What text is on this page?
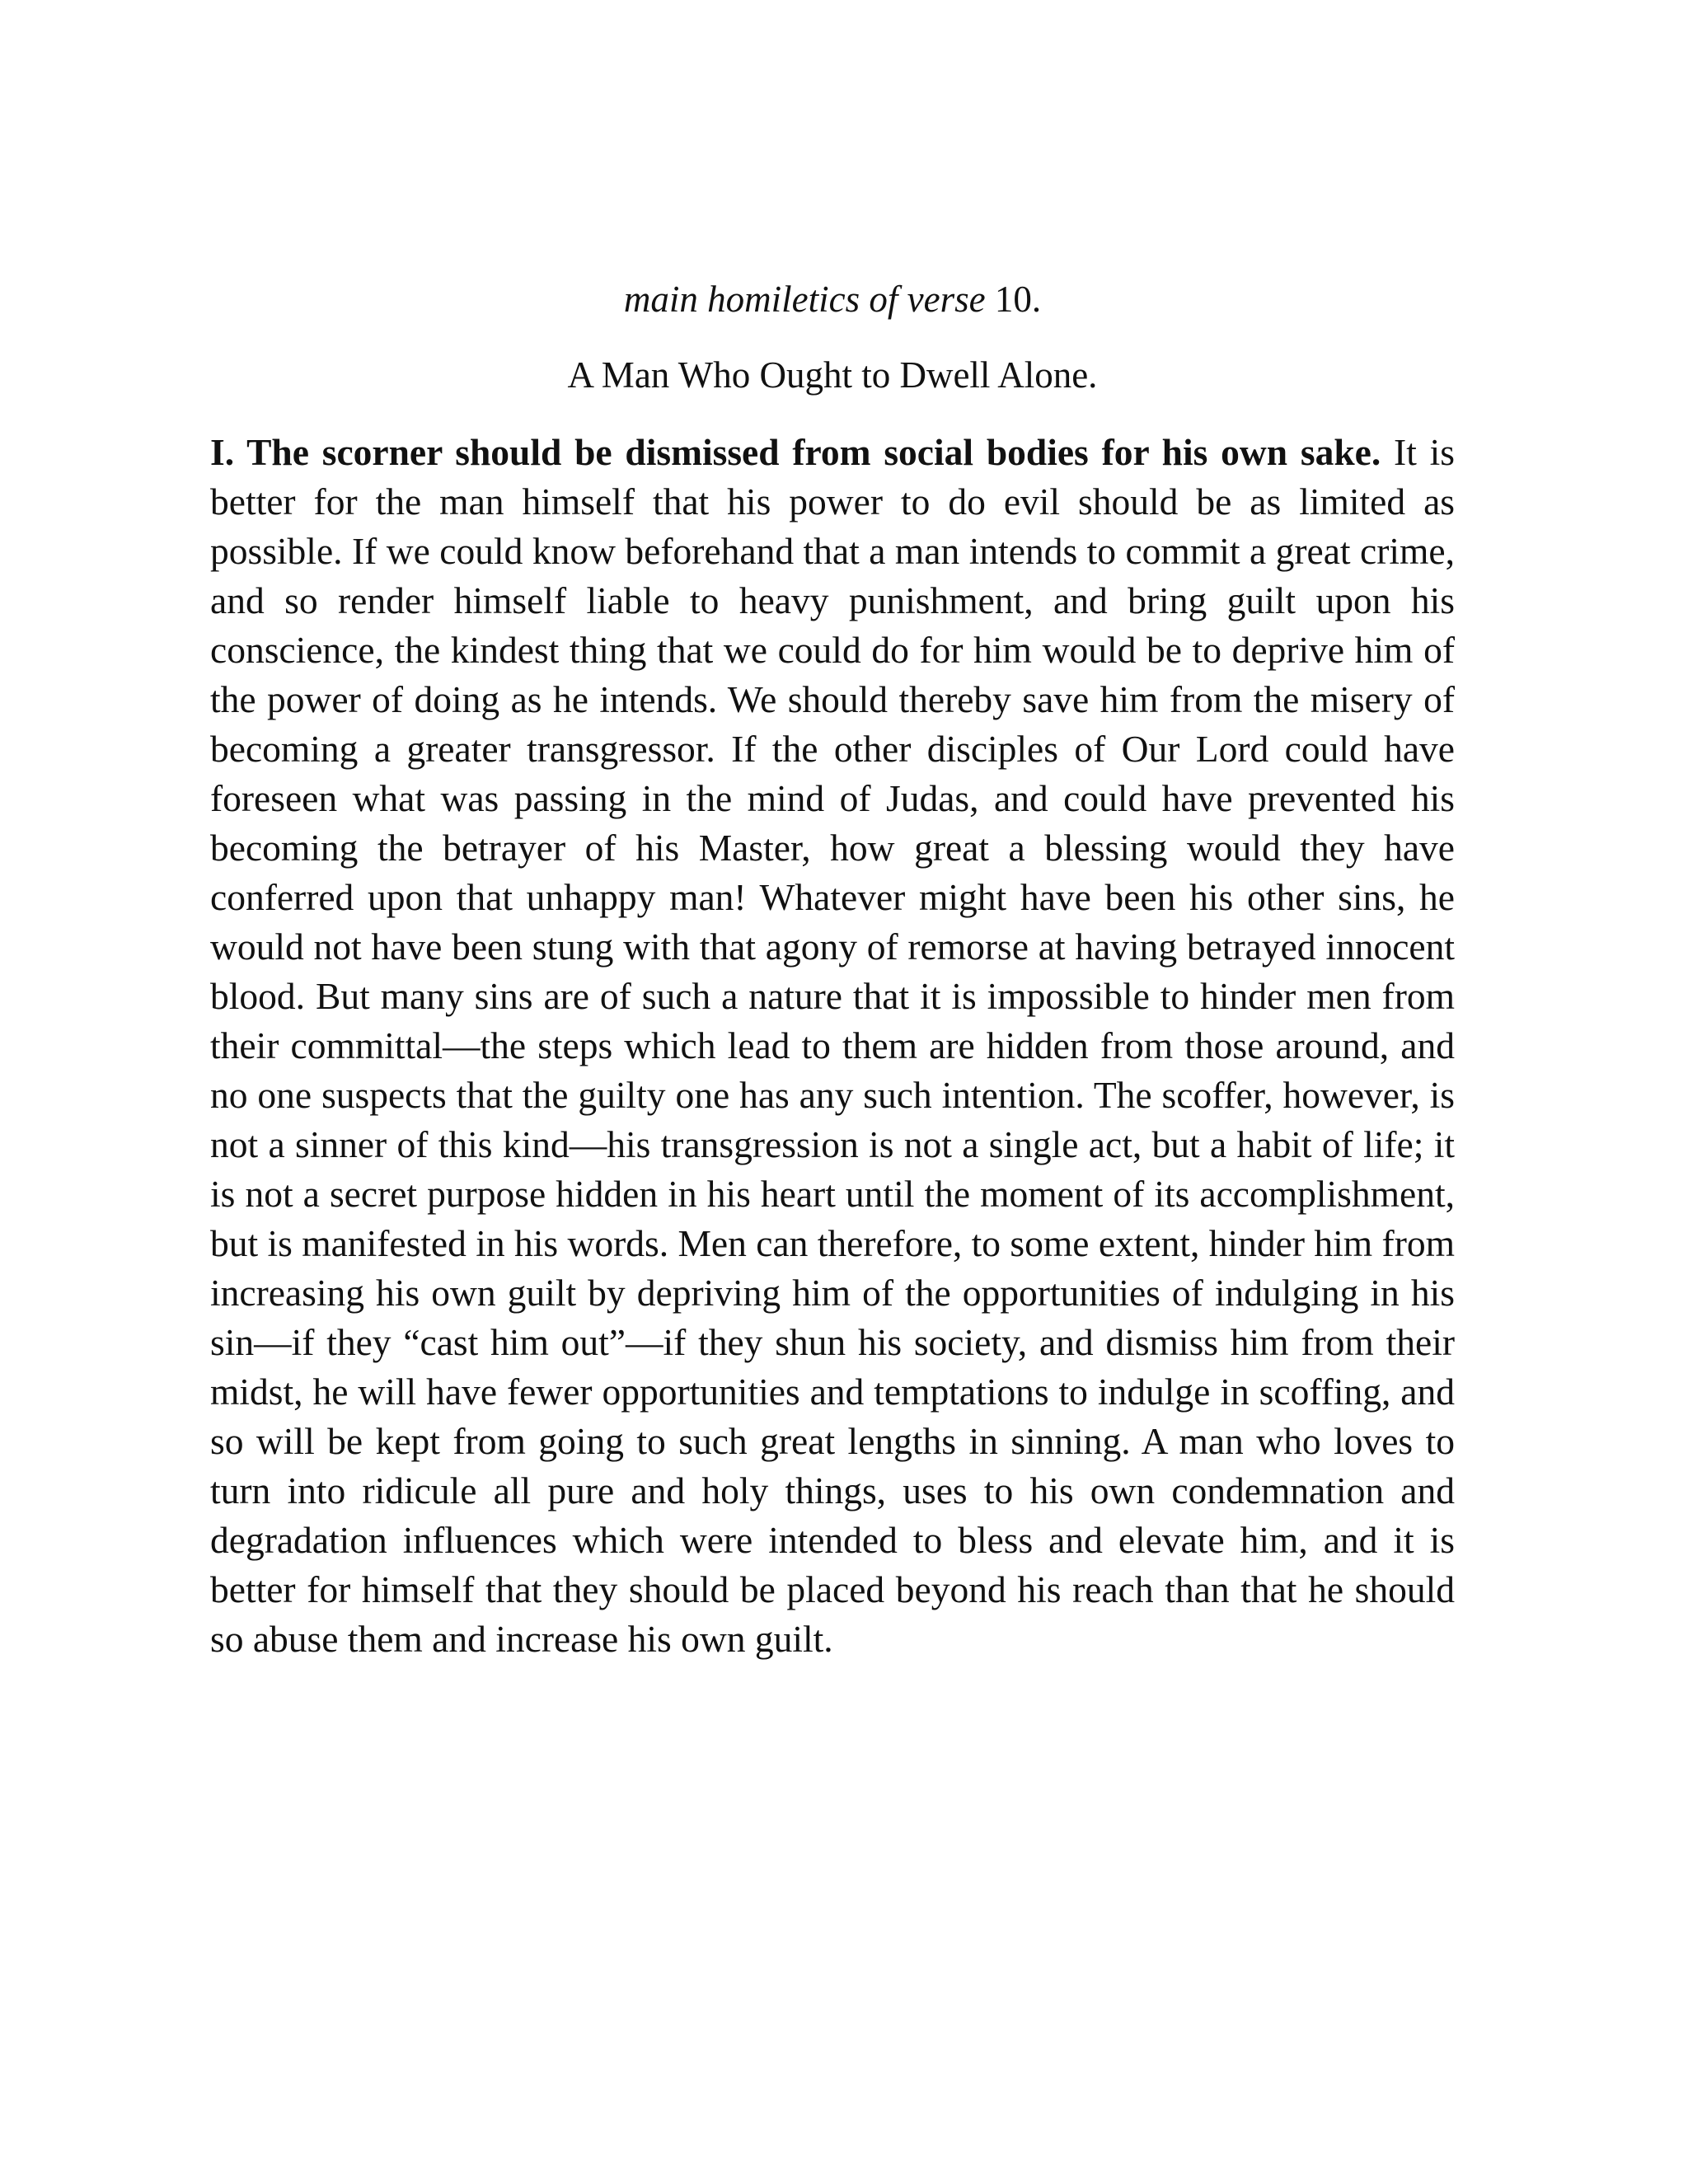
main homiletics of verse 10.

A Man Who Ought to Dwell Alone.

I. The scorner should be dismissed from social bodies for his own sake. It is better for the man himself that his power to do evil should be as limited as possible. If we could know beforehand that a man intends to commit a great crime, and so render himself liable to heavy punishment, and bring guilt upon his conscience, the kindest thing that we could do for him would be to deprive him of the power of doing as he intends. We should thereby save him from the misery of becoming a greater transgressor. If the other disciples of Our Lord could have foreseen what was passing in the mind of Judas, and could have prevented his becoming the betrayer of his Master, how great a blessing would they have conferred upon that unhappy man! Whatever might have been his other sins, he would not have been stung with that agony of remorse at having betrayed innocent blood. But many sins are of such a nature that it is impossible to hinder men from their committal—the steps which lead to them are hidden from those around, and no one suspects that the guilty one has any such intention. The scoffer, however, is not a sinner of this kind—his transgression is not a single act, but a habit of life; it is not a secret purpose hidden in his heart until the moment of its accomplishment, but is manifested in his words. Men can therefore, to some extent, hinder him from increasing his own guilt by depriving him of the opportunities of indulging in his sin—if they “cast him out”—if they shun his society, and dismiss him from their midst, he will have fewer opportunities and temptations to indulge in scoffing, and so will be kept from going to such great lengths in sinning. A man who loves to turn into ridicule all pure and holy things, uses to his own condemnation and degradation influences which were intended to bless and elevate him, and it is better for himself that they should be placed beyond his reach than that he should so abuse them and increase his own guilt.
